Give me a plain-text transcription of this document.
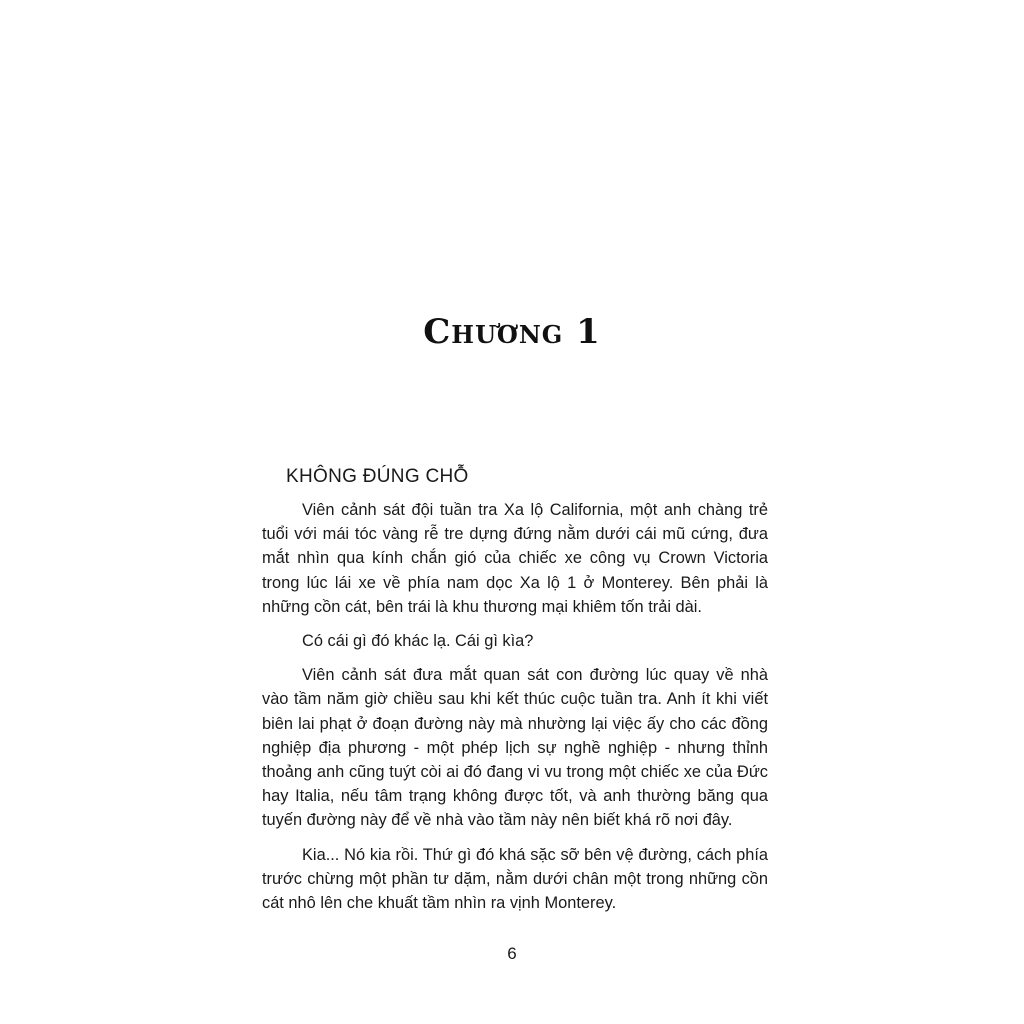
Chương 1
KHÔNG ĐÚNG CHỖ

Viên cảnh sát đội tuần tra Xa lộ California, một anh chàng trẻ tuổi với mái tóc vàng rễ tre dựng đứng nằm dưới cái mũ cứng, đưa mắt nhìn qua kính chắn gió của chiếc xe công vụ Crown Victoria trong lúc lái xe về phía nam dọc Xa lộ 1 ở Monterey. Bên phải là những cồn cát, bên trái là khu thương mại khiêm tốn trải dài.

Có cái gì đó khác lạ. Cái gì kìa?

Viên cảnh sát đưa mắt quan sát con đường lúc quay về nhà vào tầm năm giờ chiều sau khi kết thúc cuộc tuần tra. Anh ít khi viết biên lai phạt ở đoạn đường này mà nhường lại việc ấy cho các đồng nghiệp địa phương - một phép lịch sự nghề nghiệp - nhưng thỉnh thoảng anh cũng tuýt còi ai đó đang vi vu trong một chiếc xe của Đức hay Italia, nếu tâm trạng không được tốt, và anh thường băng qua tuyến đường này để về nhà vào tầm này nên biết khá rõ nơi đây.

Kia... Nó kia rồi. Thứ gì đó khá sặc sỡ bên vệ đường, cách phía trước chừng một phần tư dặm, nằm dưới chân một trong những cồn cát nhô lên che khuất tầm nhìn ra vịnh Monterey.

6
